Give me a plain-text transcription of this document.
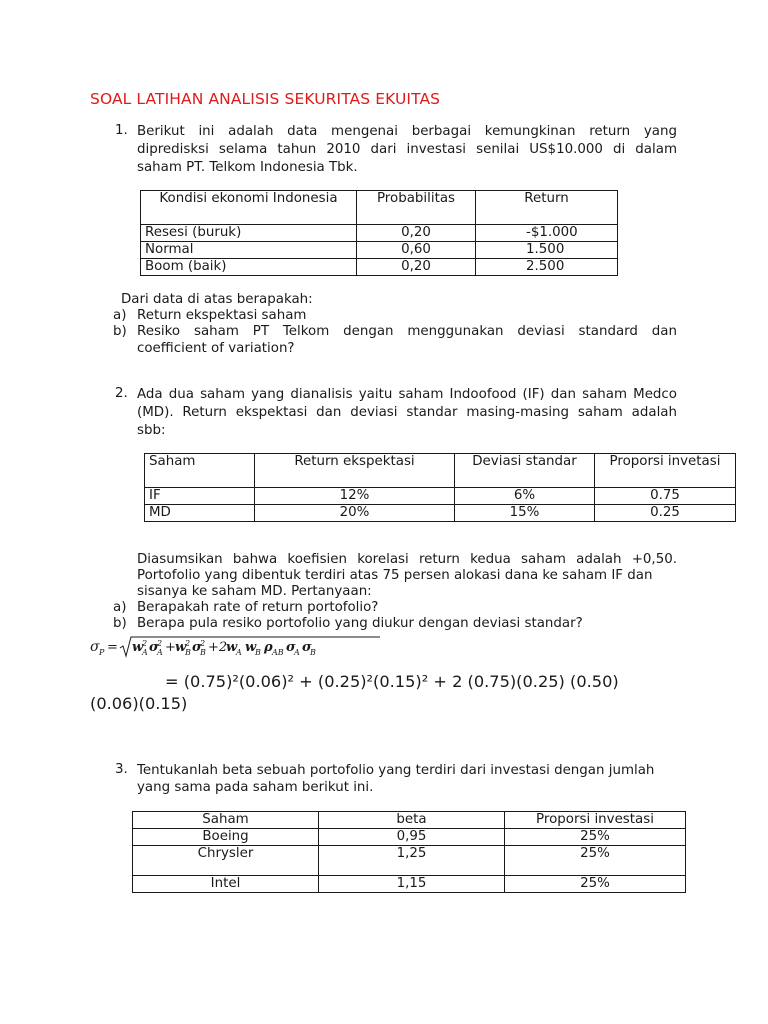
SOAL LATIHAN ANALISIS SEKURITAS EKUITAS
1. Berikut ini adalah data mengenai berbagai kemungkinan return yang
dipredisksi selama tahun 2010 dari investasi senilai US$10.000 di dalam
saham PT. Telkom Indonesia Tbk.
Kondisi ekonomi Indonesia	Probabilitas	Return
Resesi (buruk)	0,20	-$1.000
Normal	0,60	1.500
Boom (baik)	0,20	2.500
Dari data di atas berapakah:
a) Return ekspektasi saham
b) Resiko saham PT Telkom dengan menggunakan deviasi standard dan
coefficient of variation?
2. Ada dua saham yang dianalisis yaitu saham Indoofood (IF) dan saham Medco
(MD). Return ekspektasi dan deviasi standar masing-masing saham adalah
sbb:
Saham	Return ekspektasi	Deviasi standar	Proporsi invetasi
IF	12%	6%	0.75
MD	20%	15%	0.25
Diasumsikan bahwa koefisien korelasi return kedua saham adalah +0,50.
Portofolio yang dibentuk terdiri atas 75 persen alokasi dana ke saham IF dan
sisanya ke saham MD. Pertanyaan:
a) Berapakah rate of return portofolio?
b) Berapa pula resiko portofolio yang diukur dengan deviasi standar?
σ P = w
2
A σ
2
A + w
2
B σ
2
B +2
w
A w
B ρ AB σ
A σ
B
= (0.75)²(0.06)² + (0.25)²(0.15)² + 2 (0.75)(0.25) (0.50)
(0.06)(0.15)
3. Tentukanlah beta sebuah portofolio yang terdiri dari investasi dengan jumlah
yang sama pada saham berikut ini.
Saham	beta	Proporsi investasi
Boeing	0,95	25%
Chrysler	1,25	25%
Intel	1,15	25%
